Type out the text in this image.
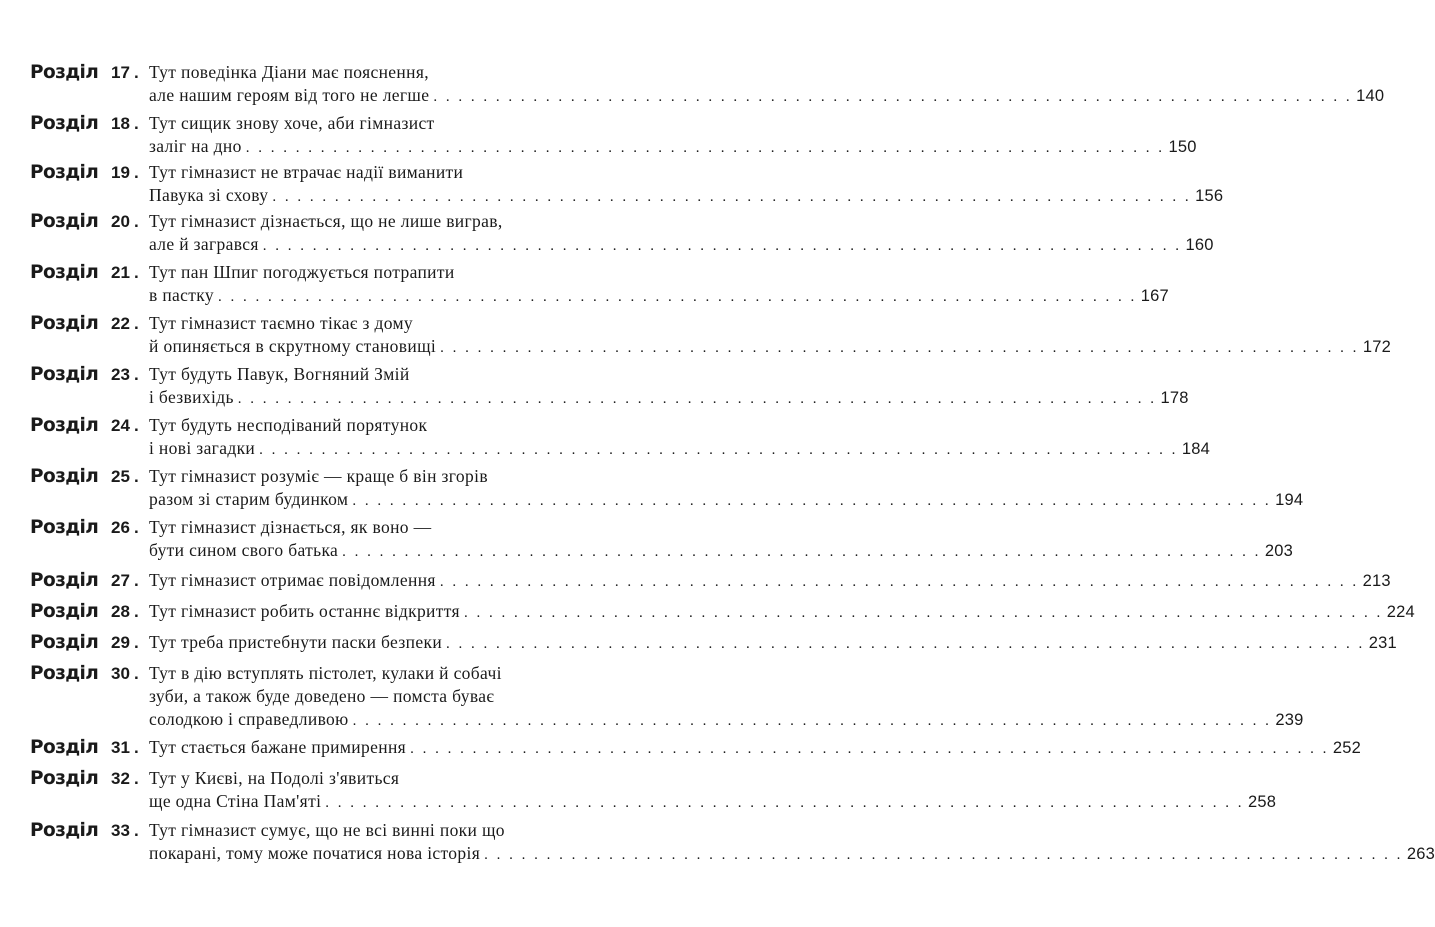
Розділ 17 . Тут поведінка Діани має пояснення,
але нашим героям від того не легше . . . . . . . . . . . . . . . . . . . . . . . . . . . . . . . . . . . . . . . . . . . . . . . . . . . . . . . . . . . . . . . . . . . . . . . . . . 140
Розділ 18 . Тут сищик знову хоче, аби гімназист
заліг на дно . . . . . . . . . . . . . . . . . . . . . . . . . . . . . . . . . . . . . . . . . . . . . . . . . . . . . . . . . . . . . . . . . . . . . . . . . . 150
Розділ 19 . Тут гімназист не втрачає надії виманити
Павука зі схову . . . . . . . . . . . . . . . . . . . . . . . . . . . . . . . . . . . . . . . . . . . . . . . . . . . . . . . . . . . . . . . . . . . . . . . . . . 156
Розділ 20 . Тут гімназист дізнається, що не лише виграв,
але й загрався . . . . . . . . . . . . . . . . . . . . . . . . . . . . . . . . . . . . . . . . . . . . . . . . . . . . . . . . . . . . . . . . . . . . . . . . . . 160
Розділ 21 . Тут пан Шпиг погоджується потрапити
в пастку . . . . . . . . . . . . . . . . . . . . . . . . . . . . . . . . . . . . . . . . . . . . . . . . . . . . . . . . . . . . . . . . . . . . . . . . . . 167
Розділ 22 . Тут гімназист таємно тікає з дому
й опиняється в скрутному становищі . . . . . . . . . . . . . . . . . . . . . . . . . . . . . . . . . . . . . . . . . . . . . . . . . . . . . . . . . . . . . . . . . . . . . . . . . . 172
Розділ 23 . Тут будуть Павук, Вогняний Змій
і безвихідь . . . . . . . . . . . . . . . . . . . . . . . . . . . . . . . . . . . . . . . . . . . . . . . . . . . . . . . . . . . . . . . . . . . . . . . . . . 178
Розділ 24 . Тут будуть несподіваний порятунок
і нові загадки . . . . . . . . . . . . . . . . . . . . . . . . . . . . . . . . . . . . . . . . . . . . . . . . . . . . . . . . . . . . . . . . . . . . . . . . . . 184
Розділ 25 . Тут гімназист розуміє — краще б він згорів
разом зі старим будинком . . . . . . . . . . . . . . . . . . . . . . . . . . . . . . . . . . . . . . . . . . . . . . . . . . . . . . . . . . . . . . . . . . . . . . . . . . 194
Розділ 26 . Тут гімназист дізнається, як воно —
бути сином свого батька . . . . . . . . . . . . . . . . . . . . . . . . . . . . . . . . . . . . . . . . . . . . . . . . . . . . . . . . . . . . . . . . . . . . . . . . . . 203
Розділ 27 . Тут гімназист отримає повідомлення . . . . . . . . . . . . . . . . . . . . . . . . . . . . . . . . . . . . . . . . . . . . . . . . . . . . . . . . . . . . . . . . . . . . . . . . . . 213
Розділ 28 . Тут гімназист робить останнє відкриття . . . . . . . . . . . . . . . . . . . . . . . . . . . . . . . . . . . . . . . . . . . . . . . . . . . . . . . . . . . . . . . . . . . . . . . . . . 224
Розділ 29 . Тут треба пристебнути паски безпеки . . . . . . . . . . . . . . . . . . . . . . . . . . . . . . . . . . . . . . . . . . . . . . . . . . . . . . . . . . . . . . . . . . . . . . . . . . 231
Розділ 30 . Тут в дію вступлять пістолет, кулаки й собачі
зуби, а також буде доведено — помста буває
солодкою і справедливою . . . . . . . . . . . . . . . . . . . . . . . . . . . . . . . . . . . . . . . . . . . . . . . . . . . . . . . . . . . . . . . . . . . . . . . . . . 239
Розділ 31 . Тут стається бажане примирення . . . . . . . . . . . . . . . . . . . . . . . . . . . . . . . . . . . . . . . . . . . . . . . . . . . . . . . . . . . . . . . . . . . . . . . . . . 252
Розділ 32 . Тут у Києві, на Подолі з'явиться
ще одна Стіна Пам'яті . . . . . . . . . . . . . . . . . . . . . . . . . . . . . . . . . . . . . . . . . . . . . . . . . . . . . . . . . . . . . . . . . . . . . . . . . . 258
Розділ 33 . Тут гімназист сумує, що не всі винні поки що
покарані, тому може початися нова історія . . . . . . . . . . . . . . . . . . . . . . . . . . . . . . . . . . . . . . . . . . . . . . . . . . . . . . . . . . . . . . . . . . . . . . . . . . 263
